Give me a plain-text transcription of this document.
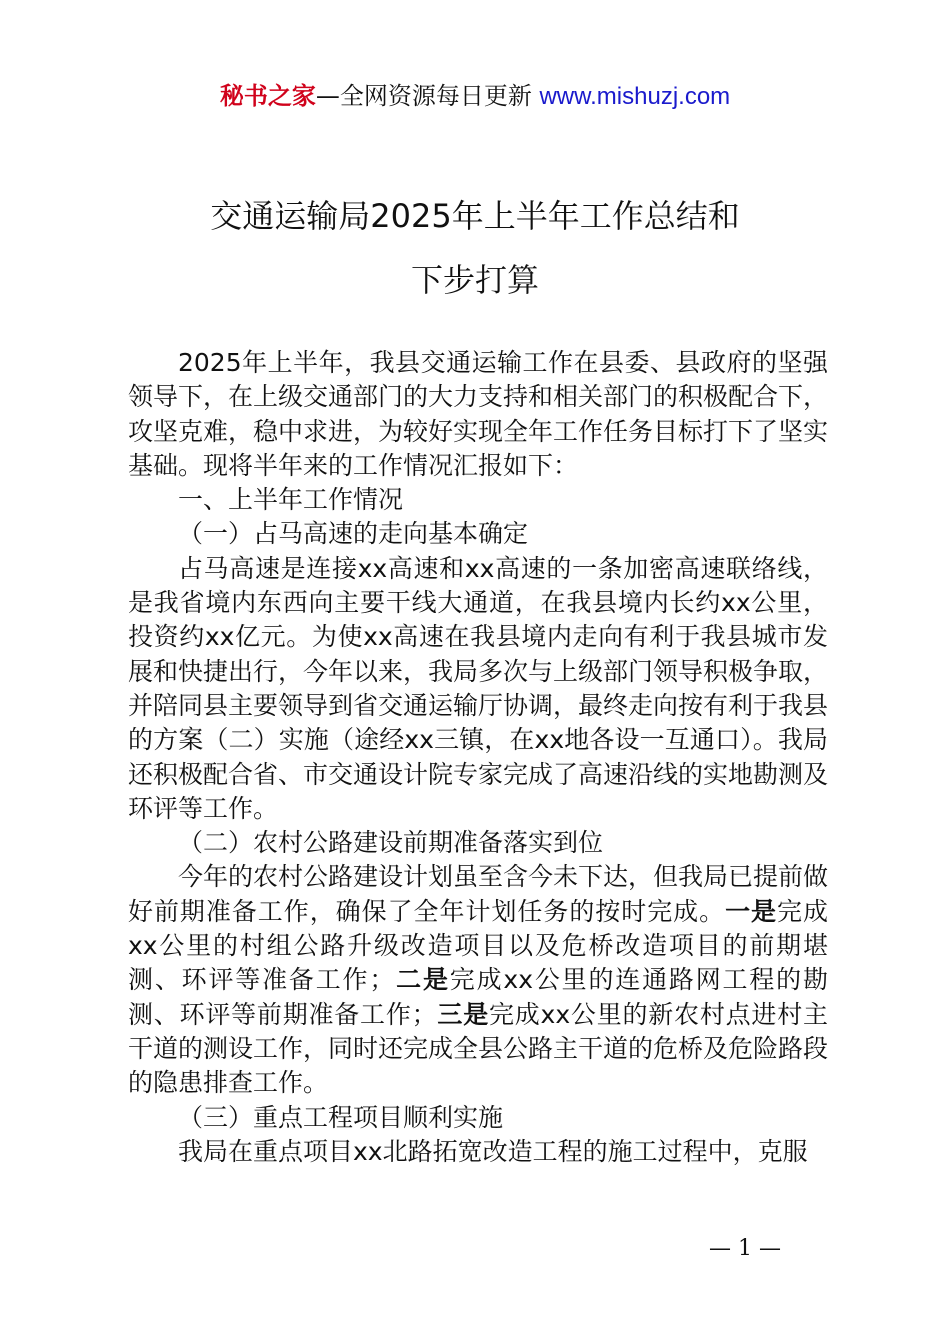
秘书之家—全网资源每日更新 www.mishuzj.com
交通运输局2025年上半年工作总结和
下步打算

2025年上半年，我县交通运输工作在县委、县政府的坚强领导下，在上级交通部门的大力支持和相关部门的积极配合下，攻坚克难，稳中求进，为较好实现全年工作任务目标打下了坚实基础。现将半年来的工作情况汇报如下：

一、上半年工作情况

（一）占马高速的走向基本确定

占马高速是连接xx高速和xx高速的一条加密高速联络线，是我省境内东西向主要干线大通道，在我县境内长约xx公里，投资约xx亿元。为使xx高速在我县境内走向有利于我县城市发展和快捷出行，今年以来，我局多次与上级部门领导积极争取，并陪同县主要领导到省交通运输厅协调，最终走向按有利于我县的方案（二）实施（途经xx三镇，在xx地各设一互通口）。我局还积极配合省、市交通设计院专家完成了高速沿线的实地勘测及环评等工作。

（二）农村公路建设前期准备落实到位

今年的农村公路建设计划虽至含今未下达，但我局已提前做好前期准备工作，确保了全年计划任务的按时完成。一是完成xx公里的村组公路升级改造项目以及危桥改造项目的前期堪测、环评等准备工作；二是完成xx公里的连通路网工程的勘测、环评等前期准备工作；三是完成xx公里的新农村点进村主干道的测设工作，同时还完成全县公路主干道的危桥及危险路段的隐患排查工作。

（三）重点工程项目顺利实施

我局在重点项目xx北路拓宽改造工程的施工过程中，克服

— 1 —
